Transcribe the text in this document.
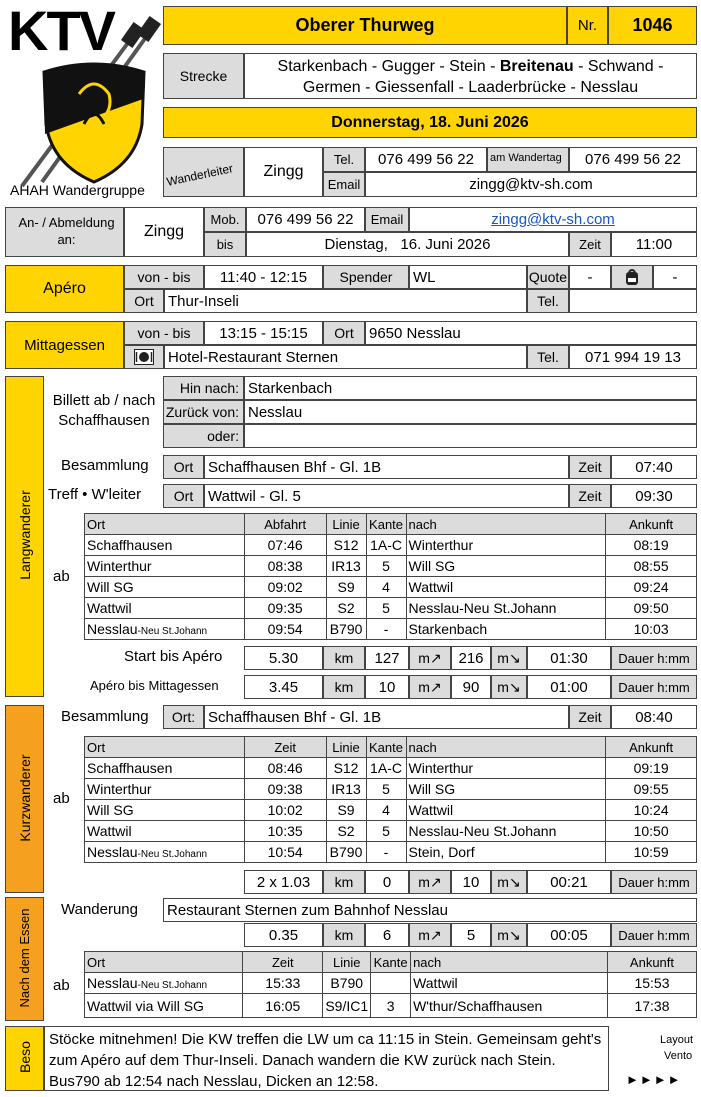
KTV
AHAH Wandergruppe
Oberer Thurweg	Nr.	1046
Strecke
Starkenbach - Gugger - Stein - Breitenau - Schwand -
Germen - Giessenfall - Laaderbrücke - Nesslau
Donnerstag, 18. Juni 2026
Wanderleiter	Zingg
Tel.	076 499 56 22	am Wandertag	076 499 56 22
Email	zingg@ktv-sh.com
An- / Abmeldung an:	Zingg
Mob.	076 499 56 22	Email	zingg@ktv-sh.com
bis	Dienstag,   16. Juni 2026	Zeit	11:00
Apéro
von - bis	11:40 - 12:15	Spender	WL	Quote	-	-
Ort Thur-Inseli	Tel.
Mittagessen
von - bis	13:15 - 15:15	Ort	9650 Nesslau
Hotel-Restaurant Sternen	Tel.	071 994 19 13
Langwanderer
Billett ab / nach Schaffhausen
Hin nach: Starkenbach
Zurück von: Nesslau
oder:
Besammlung	Ort Schaffhausen Bhf - Gl. 1B	Zeit	07:40
Treff • W'leiter	Ort Wattwil - Gl. 5	Zeit	09:30
ab
Ort	Abfahrt	Linie	Kante	nach	Ankunft
Schaffhausen	07:46	S12	1A-C	Winterthur	08:19
Winterthur	08:38	IR13	5	Will SG	08:55
Will SG	09:02	S9	4	Wattwil	09:24
Wattwil	09:35	S2	5	Nesslau-Neu St.Johann	09:50
Nesslau-Neu St.Johann	09:54	B790	-	Starkenbach	10:03
Start bis Apéro	5.30	km	127	m↗	216 m↘	01:30	Dauer h:mm
Apéro bis Mittagessen	3.45	km	10	m↗	90	m↘	01:00	Dauer h:mm
Kurzwanderer
Besammlung	Ort: Schaffhausen Bhf - Gl. 1B	Zeit	08:40
ab
Ort	Zeit	Linie	Kante	nach	Ankunft
Schaffhausen	08:46	S12	1A-C	Winterthur	09:19
Winterthur	09:38	IR13	5	Will SG	09:55
Will SG	10:02	S9	4	Wattwil	10:24
Wattwil	10:35	S2	5	Nesslau-Neu St.Johann	10:50
Nesslau-Neu St.Johann	10:54	B790	-	Stein, Dorf	10:59
2 x 1.03	km	0	m↗	10	m↘	00:21	Dauer h:mm
Nach dem Essen Wanderung Restaurant Sternen zum Bahnhof Nesslau
0.35	km	6	m↗	5	m↘	00:05	Dauer h:mm
ab
Ort	Zeit	Linie	Kante	nach	Ankunft
Nesslau-Neu St.Johann	15:33	B790		Wattwil	15:53
Wattwil via Will SG	16:05	S9/IC1	3	W'thur/Schaffhausen	17:38
Beso
Stöcke mitnehmen! Die KW treffen die LW um ca 11:15 in Stein. Gemeinsam geht's zum Apéro auf dem Thur-Inseli. Danach wandern die KW zurück nach Stein. Bus790 ab 12:54 nach Nesslau, Dicken an 12:58.
Layout
Vento
►►►►
